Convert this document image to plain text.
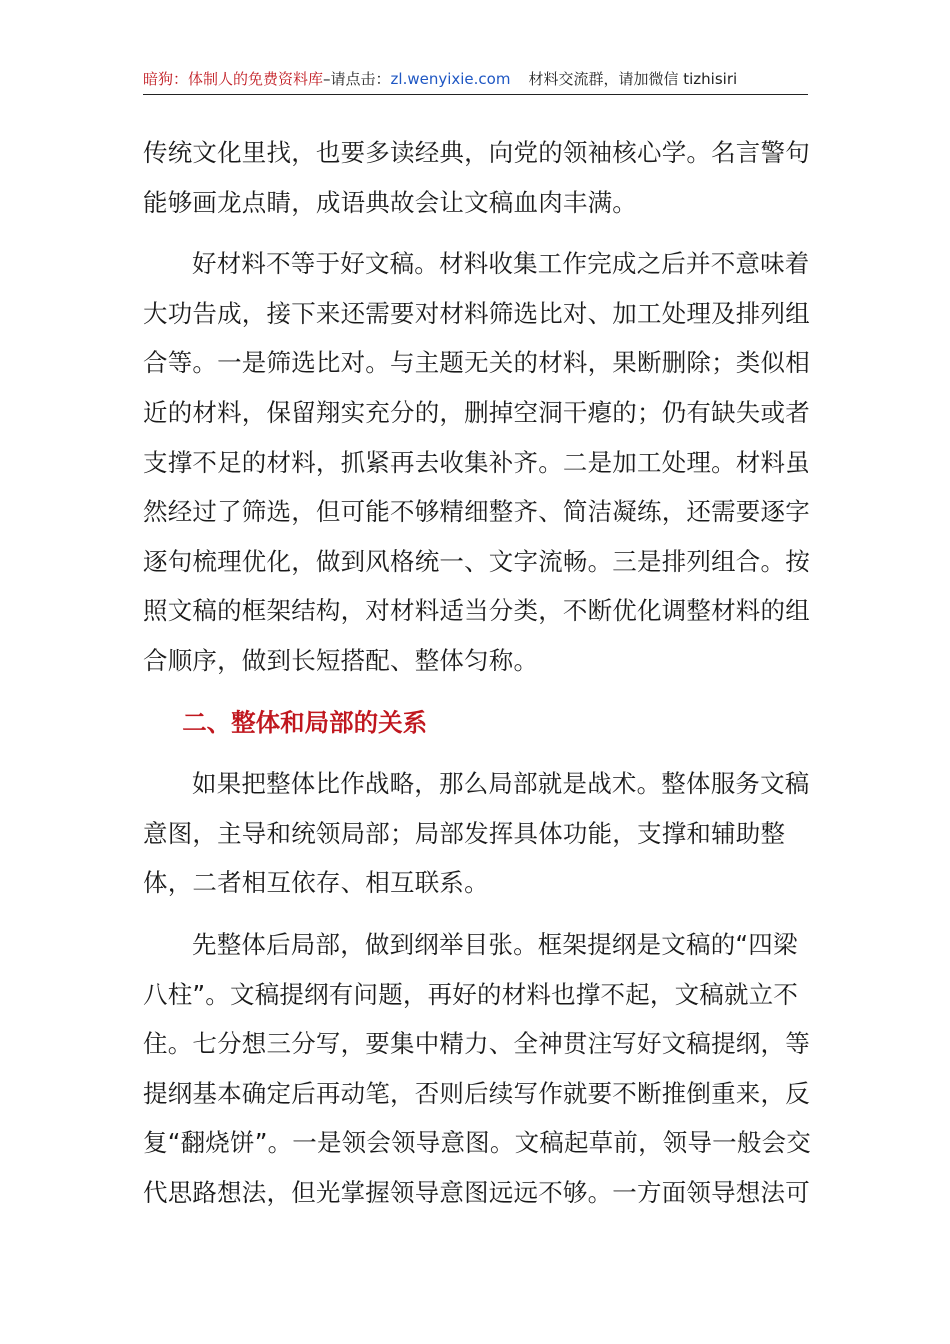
暗狗：体制人的免费资料库–请点击：zl.wenyixie.com 材料交流群，请加微信 tizhisiri

传统文化里找，也要多读经典，向党的领袖核心学。名言警句能够画龙点睛，成语典故会让文稿血肉丰满。

好材料不等于好文稿。材料收集工作完成之后并不意味着大功告成，接下来还需要对材料筛选比对、加工处理及排列组合等。一是筛选比对。与主题无关的材料，果断删除；类似相近的材料，保留翔实充分的，删掉空洞干瘪的；仍有缺失或者支撑不足的材料，抓紧再去收集补齐。二是加工处理。材料虽然经过了筛选，但可能不够精细整齐、简洁凝练，还需要逐字逐句梳理优化，做到风格统一、文字流畅。三是排列组合。按照文稿的框架结构，对材料适当分类，不断优化调整材料的组合顺序，做到长短搭配、整体匀称。

二、整体和局部的关系

如果把整体比作战略，那么局部就是战术。整体服务文稿意图，主导和统领局部；局部发挥具体功能，支撑和辅助整体，二者相互依存、相互联系。

先整体后局部，做到纲举目张。框架提纲是文稿的“四梁八柱”。文稿提纲有问题，再好的材料也撑不起，文稿就立不住。七分想三分写，要集中精力、全神贯注写好文稿提纲，等提纲基本确定后再动笔，否则后续写作就要不断推倒重来，反复“翻烧饼”。一是领会领导意图。文稿起草前，领导一般会交代思路想法，但光掌握领导意图远远不够。一方面领导想法可
